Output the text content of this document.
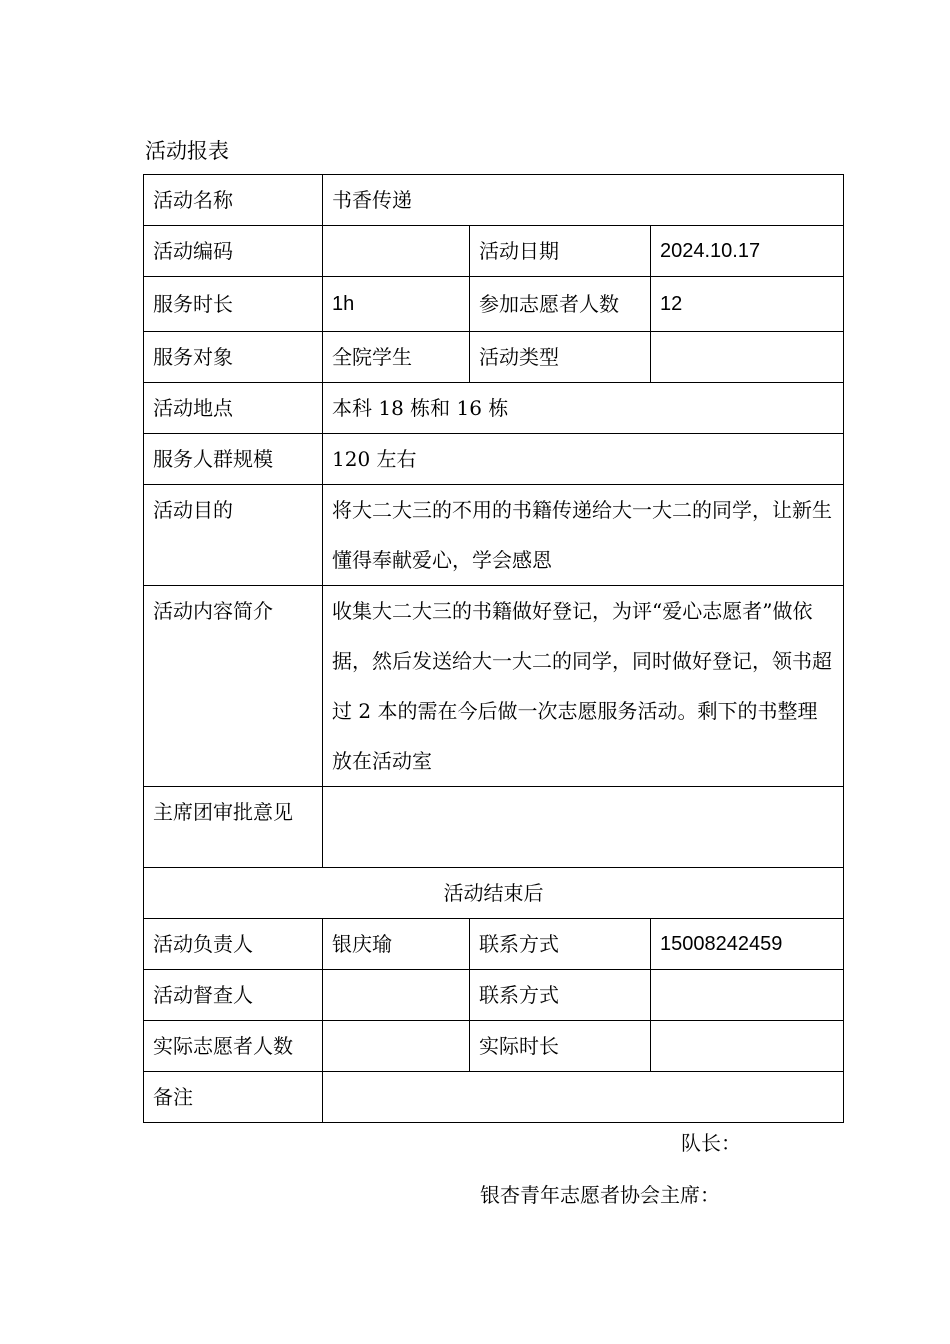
活动报表
活动名称	书香传递		
活动编码		活动日期	2024.10.17
服务时长	1h	参加志愿者人数	12
服务对象	全院学生	活动类型	
活动地点	本科 18 栋和 16 栋		
服务人群规模	120 左右		
活动目的	将大二大三的不用的书籍传递给大一大二的同学，让新生懂得奉献爱心，学会感恩		
活动内容简介	收集大二大三的书籍做好登记，为评“爱心志愿者”做依据，然后发送给大一大二的同学，同时做好登记，领书超过 2 本的需在今后做一次志愿服务活动。剩下的书整理放在活动室		
主席团审批意见			
活动结束后			
活动负责人	银庆瑜	联系方式	15008242459
活动督查人		联系方式	
实际志愿者人数		实际时长	
备注			
队长：
银杏青年志愿者协会主席：
